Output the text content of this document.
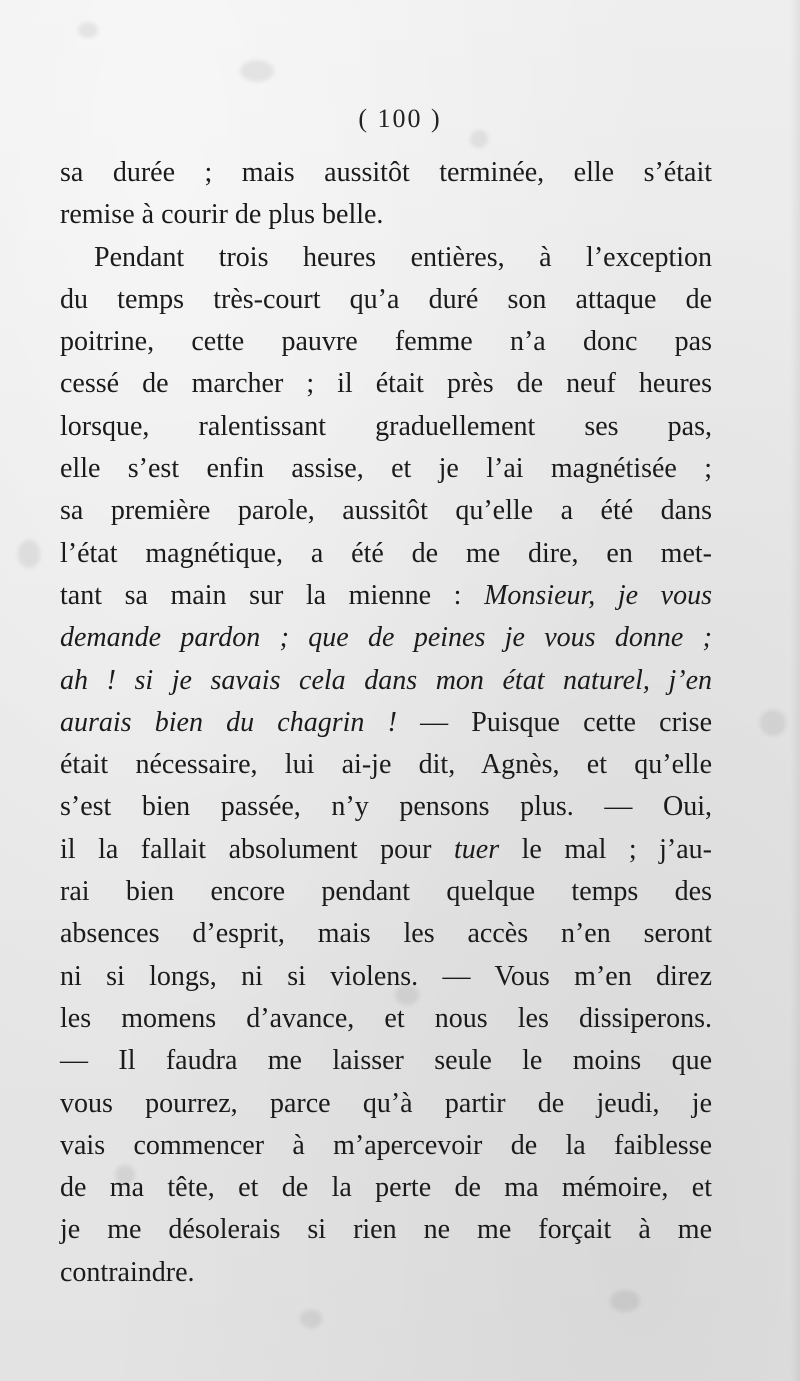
( 100 )
sa durée ; mais aussitôt terminée, elle s’était
remise à courir de plus belle.
Pendant trois heures entières, à l’exception
du temps très-court qu’a duré son attaque de
poitrine, cette pauvre femme n’a donc pas
cessé de marcher ; il était près de neuf heures
lorsque, ralentissant graduellement ses pas,
elle s’est enfin assise, et je l’ai magnétisée ;
sa première parole, aussitôt qu’elle a été dans
l’état magnétique, a été de me dire, en met-
tant sa main sur la mienne : Monsieur, je vous
demande pardon ; que de peines je vous donne ;
ah ! si je savais cela dans mon état naturel, j’en
aurais bien du chagrin ! — Puisque cette crise
était nécessaire, lui ai-je dit, Agnès, et qu’elle
s’est bien passée, n’y pensons plus. — Oui,
il la fallait absolument pour tuer le mal ; j’au-
rai bien encore pendant quelque temps des
absences d’esprit, mais les accès n’en seront
ni si longs, ni si violens. — Vous m’en direz
les momens d’avance, et nous les dissiperons.
— Il faudra me laisser seule le moins que
vous pourrez, parce qu’à partir de jeudi, je
vais commencer à m’apercevoir de la faiblesse
de ma tête, et de la perte de ma mémoire, et
je me désolerais si rien ne me forçait à me
contraindre.
